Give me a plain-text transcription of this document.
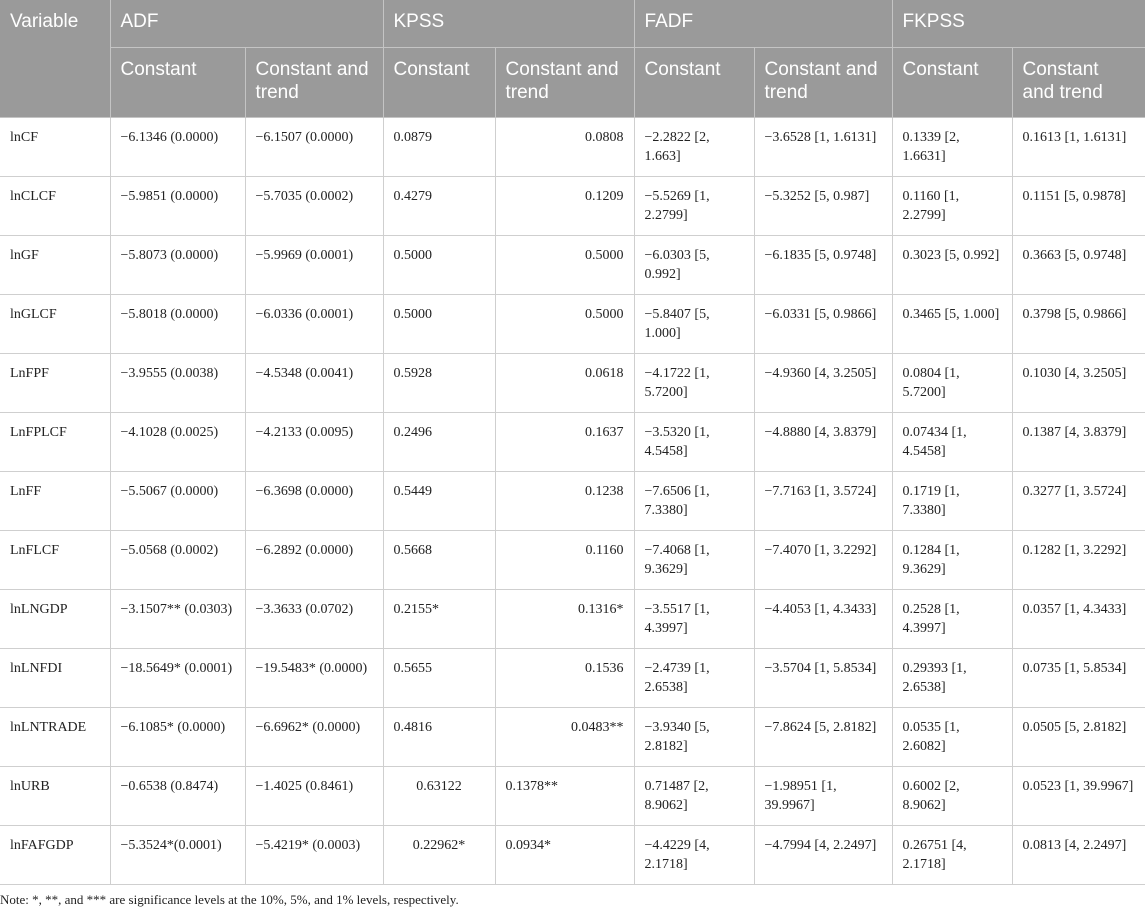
Variable	ADF		KPSS		FADF		FKPSS	
	Constant	Constant and trend	Constant	Constant and trend	Constant	Constant and trend	Constant	Constant and trend
lnCF	−6.1346 (0.0000)	−6.1507 (0.0000)	0.0879	0.0808	−2.2822 [2, 1.663]	−3.6528 [1, 1.6131]	0.1339 [2, 1.6631]	0.1613 [1, 1.6131]
lnCLCF	−5.9851 (0.0000)	−5.7035 (0.0002)	0.4279	0.1209	−5.5269 [1, 2.2799]	−5.3252 [5, 0.987]	0.1160 [1, 2.2799]	0.1151 [5, 0.9878]
lnGF	−5.8073 (0.0000)	−5.9969 (0.0001)	0.5000	0.5000	−6.0303 [5, 0.992]	−6.1835 [5, 0.9748]	0.3023 [5, 0.992]	0.3663 [5, 0.9748]
lnGLCF	−5.8018 (0.0000)	−6.0336 (0.0001)	0.5000	0.5000	−5.8407 [5, 1.000]	−6.0331 [5, 0.9866]	0.3465 [5, 1.000]	0.3798 [5, 0.9866]
LnFPF	−3.9555 (0.0038)	−4.5348 (0.0041)	0.5928	0.0618	−4.1722 [1, 5.7200]	−4.9360 [4, 3.2505]	0.0804 [1, 5.7200]	0.1030 [4, 3.2505]
LnFPLCF	−4.1028 (0.0025)	−4.2133 (0.0095)	0.2496	0.1637	−3.5320 [1, 4.5458]	−4.8880 [4, 3.8379]	0.07434 [1, 4.5458]	0.1387 [4, 3.8379]
LnFF	−5.5067 (0.0000)	−6.3698 (0.0000)	0.5449	0.1238	−7.6506 [1, 7.3380]	−7.7163 [1, 3.5724]	0.1719 [1, 7.3380]	0.3277 [1, 3.5724]
LnFLCF	−5.0568 (0.0002)	−6.2892 (0.0000)	0.5668	0.1160	−7.4068 [1, 9.3629]	−7.4070 [1, 3.2292]	0.1284 [1, 9.3629]	0.1282 [1, 3.2292]
lnLNGDP	−3.1507** (0.0303)	−3.3633 (0.0702)	0.2155*	0.1316*	−3.5517 [1, 4.3997]	−4.4053 [1, 4.3433]	0.2528 [1, 4.3997]	0.0357 [1, 4.3433]
lnLNFDI	−18.5649* (0.0001)	−19.5483* (0.0000)	0.5655	0.1536	−2.4739 [1, 2.6538]	−3.5704 [1, 5.8534]	0.29393 [1, 2.6538]	0.0735 [1, 5.8534]
lnLNTRADE	−6.1085* (0.0000)	−6.6962* (0.0000)	0.4816	0.0483**	−3.9340 [5, 2.8182]	−7.8624 [5, 2.8182]	0.0535 [1, 2.6082]	0.0505 [5, 2.8182]
lnURB	−0.6538 (0.8474)	−1.4025 (0.8461)	0.63122	0.1378**	0.71487 [2, 8.9062]	−1.98951 [1, 39.9967]	0.6002 [2, 8.9062]	0.0523 [1, 39.9967]
lnFAFGDP	−5.3524*(0.0001)	−5.4219* (0.0003)	0.22962*	0.0934*	−4.4229 [4, 2.1718]	−4.7994 [4, 2.2497]	0.26751 [4, 2.1718]	0.0813 [4, 2.2497]
Note: *, **, and *** are significance levels at the 10%, 5%, and 1% levels, respectively.
